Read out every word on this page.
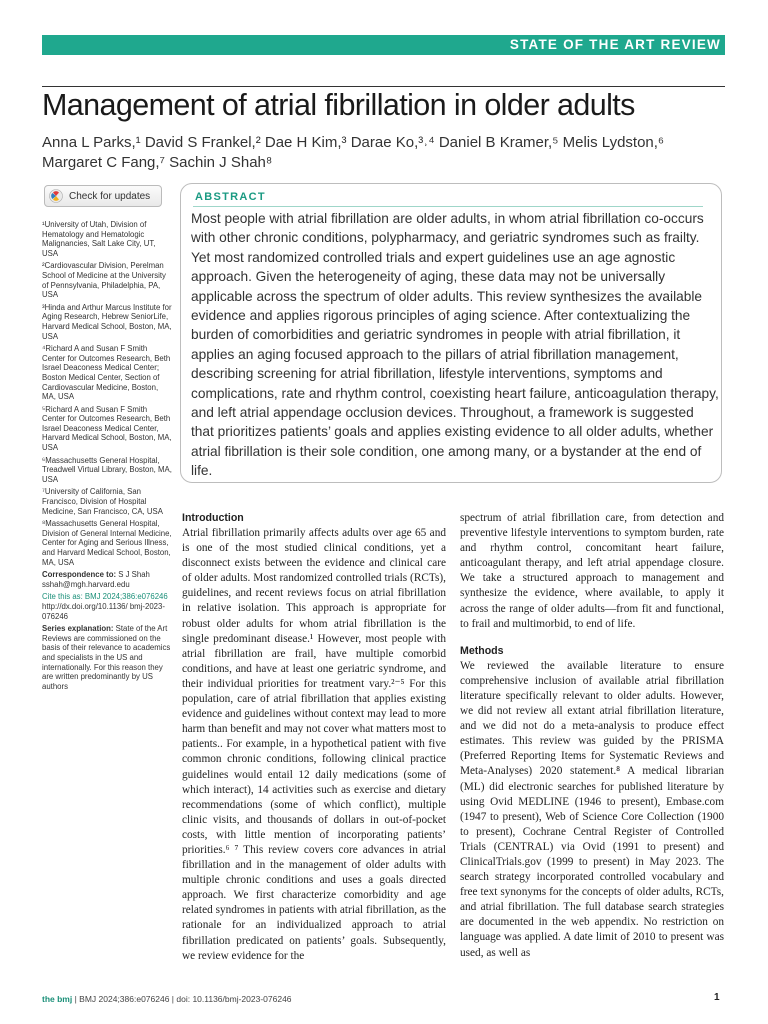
STATE OF THE ART REVIEW
Management of atrial fibrillation in older adults
Anna L Parks,¹ David S Frankel,² Dae H Kim,³ Darae Ko,³˒⁴ Daniel B Kramer,⁵ Melis Lydston,⁶
Margaret C Fang,⁷ Sachin J Shah⁸
Check for updates

¹University of Utah, Division of Hematology and Hematologic Malignancies, Salt Lake City, UT, USA

²Cardiovascular Division, Perelman School of Medicine at the University of Pennsylvania, Philadelphia, PA, USA

³Hinda and Arthur Marcus Institute for Aging Research, Hebrew SeniorLife, Harvard Medical School, Boston, MA, USA

⁴Richard A and Susan F Smith Center for Outcomes Research, Beth Israel Deaconess Medical Center; Boston Medical Center, Section of Cardiovascular Medicine, Boston, MA, USA

⁵Richard A and Susan F Smith Center for Outcomes Research, Beth Israel Deaconess Medical Center, Harvard Medical School, Boston, MA, USA

⁶Massachusetts General Hospital, Treadwell Virtual Library, Boston, MA, USA

⁷University of California, San Francisco, Division of Hospital Medicine, San Francisco, CA, USA

⁸Massachusetts General Hospital, Division of General Internal Medicine, Center for Aging and Serious Illness, and Harvard Medical School, Boston, MA, USA

Correspondence to: S J Shah sshah@mgh.harvard.edu

Cite this as: BMJ 2024;386:e076246
http://dx.doi.org/10.1136/ bmj-2023-076246

Series explanation: State of the Art Reviews are commissioned on the basis of their relevance to academics and specialists in the US and internationally. For this reason they are written predominantly by US authors

ABSTRACT
Most people with atrial fibrillation are older adults, in whom atrial fibrillation co-occurs with other chronic conditions, polypharmacy, and geriatric syndromes such as frailty. Yet most randomized controlled trials and expert guidelines use an age agnostic approach. Given the heterogeneity of aging, these data may not be universally applicable across the spectrum of older adults. This review synthesizes the available evidence and applies rigorous principles of aging science. After contextualizing the burden of comorbidities and geriatric syndromes in people with atrial fibrillation, it applies an aging focused approach to the pillars of atrial fibrillation management, describing screening for atrial fibrillation, lifestyle interventions, symptoms and complications, rate and rhythm control, coexisting heart failure, anticoagulation therapy, and left atrial appendage occlusion devices. Throughout, a framework is suggested that prioritizes patients’ goals and applies existing evidence to all older adults, whether atrial fibrillation is their sole condition, one among many, or a bystander at the end of life.
Introduction

Atrial fibrillation primarily affects adults over age 65 and is one of the most studied clinical conditions, yet a disconnect exists between the evidence and clinical care of older adults. Most randomized controlled trials (RCTs), guidelines, and recent reviews focus on atrial fibrillation in relative isolation. This approach is appropriate for robust older adults for whom atrial fibrillation is the single predominant disease.¹ However, most people with atrial fibrillation are frail, have multiple comorbid conditions, and have at least one geriatric syndrome, and their individual priorities for treatment vary.²⁻⁵ For this population, care of atrial fibrillation that applies existing evidence and guidelines without context may lead to more harm than benefit and may not cover what matters most to patients.. For example, in a hypothetical patient with five common chronic conditions, following clinical practice guidelines would entail 12 daily medications (some of which interact), 14 activities such as exercise and dietary recommendations (some of which conflict), multiple clinic visits, and thousands of dollars in out-of-pocket costs, with little mention of incorporating patients’ priorities.⁶ ⁷ This review covers core advances in atrial fibrillation and in the management of older adults with multiple chronic conditions and uses a goals directed approach. We first characterize comorbidity and age related syndromes in patients with atrial fibrillation, as the rationale for an individualized approach to atrial fibrillation predicated on patients’ goals. Subsequently, we review evidence for the

spectrum of atrial fibrillation care, from detection and preventive lifestyle interventions to symptom burden, rate and rhythm control, concomitant heart failure, anticoagulant therapy, and left atrial appendage closure. We take a structured approach to management and synthesize the evidence, where available, to apply it across the range of older adults—from fit and functional, to frail and multimorbid, to end of life.

Methods

We reviewed the available literature to ensure comprehensive inclusion of available atrial fibrillation literature specifically relevant to older adults. However, we did not review all extant atrial fibrillation literature, and we did not do a meta-analysis to produce effect estimates. This review was guided by the PRISMA (Preferred Reporting Items for Systematic Reviews and Meta-Analyses) 2020 statement.⁸ A medical librarian (ML) did electronic searches for published literature by using Ovid MEDLINE (1946 to present), Embase.com (1947 to present), Web of Science Core Collection (1900 to present), Cochrane Central Register of Controlled Trials (CENTRAL) via Ovid (1991 to present) and ClinicalTrials.gov (1999 to present) in May 2023. The search strategy incorporated controlled vocabulary and free text synonyms for the concepts of older adults, RCTs, and atrial fibrillation. The full database search strategies are documented in the web appendix. No restriction on language was applied. A date limit of 2010 to present was used, as well as

the bmj | BMJ 2024;386:e076246 | doi: 10.1136/bmj-2023-076246	1
